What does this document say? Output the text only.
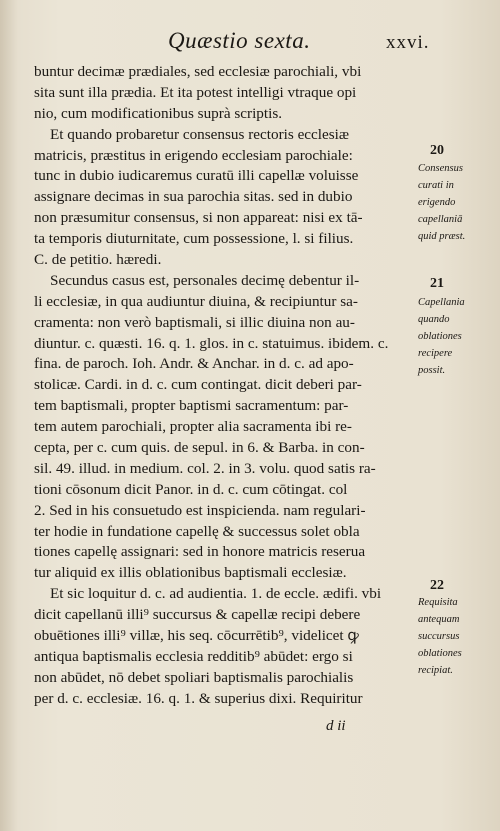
Quæstio sexta.	xxvi.
buntur decimæ prædiales, sed ecclesiæ parochiali, vbi
sita sunt illa prædia. Et ita potest intelligi vtraque opi
nio, cum modificationibus suprà scriptis.
Et quando probaretur consensus rectoris ecclesiæ
matricis, præstitus in erigendo ecclesiam parochiale:
tunc in dubio iudicaremus curatū illi capellæ voluisse
assignare decimas in sua parochia sitas. sed in dubio
non præsumitur consensus, si non appareat: nisi ex tā-
ta temporis diuturnitate, cum possessione, l. si filius.
C. de petitio. hæredi.
Secundus casus est, personales decimę debentur il-
li ecclesiæ, in qua audiuntur diuina, & recipiuntur sa-
cramenta: non verò baptismali, si illic diuina non au-
diuntur. c. quæsti. 16. q. 1. glos. in c. statuimus. ibidem. c.
fina. de paroch. Ioh. Andr. & Anchar. in d. c. ad apo-
stolicæ. Cardi. in d. c. cum contingat. dicit deberi par-
tem baptismali, propter baptismi sacramentum: par-
tem autem parochiali, propter alia sacramenta ibi re-
cepta, per c. cum quis. de sepul. in 6. & Barba. in con-
sil. 49. illud. in medium. col. 2. in 3. volu. quod satis ra-
tioni cōsonum dicit Panor. in d. c. cum cōtingat. col
2. Sed in his consuetudo est inspicienda. nam regulari-
ter hodie in fundatione capellę & successus solet obla
tiones capellę assignari: sed in honore matricis reserua
tur aliquid ex illis oblationibus baptismali ecclesiæ.
Et sic loquitur d. c. ad audientia. 1. de eccle. ædifi. vbi
dicit capellanū illi⁹ succursus & capellæ recipi debere
obuētiones illi⁹ villæ, his seq. cōcurrētib⁹, videlicet ꝙ
antiqua baptismalis ecclesia redditib⁹ abūdet: ergo si
non abūdet, nō debet spoliari baptismalis parochialis
per d. c. ecclesiæ. 16. q. 1. & superius dixi. Requiritur
20
Consensus
curati in
erigendo
capellaniā
quid præst.
21
Capellania
quando
oblationes
recipere
possit.
22
Requisita
antequam
succursus
oblationes
recipiat.
d ii
